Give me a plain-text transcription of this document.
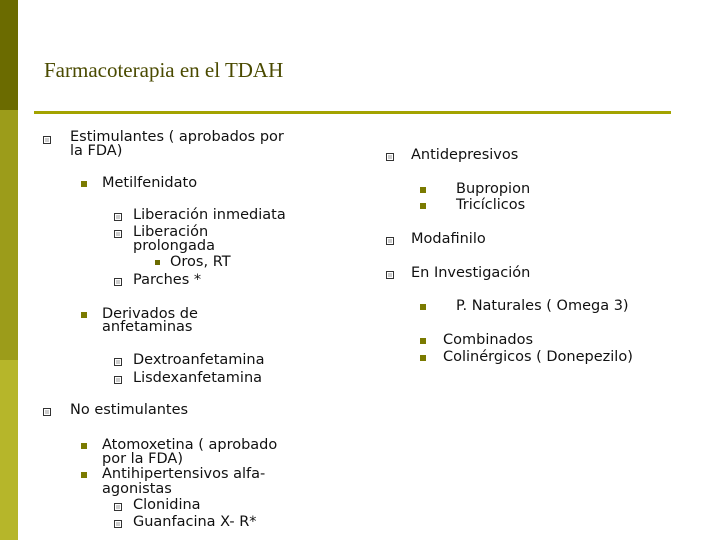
Farmacoterapia en el TDAH
Estimulantes ( aprobados por
la FDA)
Metilfenidato
Liberación inmediata
Liberación
prolongada
Oros, RT
Parches *
Derivados de
anfetaminas
Dextroanfetamina
Lisdexanfetamina
No estimulantes
Atomoxetina ( aprobado
por la FDA)
Antihipertensivos alfa-
agonistas
Clonidina
Guanfacina X- R*
Antidepresivos
Bupropion
Tricíclicos
Modafinilo
En Investigación
P. Naturales ( Omega 3)
Combinados
Colinérgicos ( Donepezilo)
